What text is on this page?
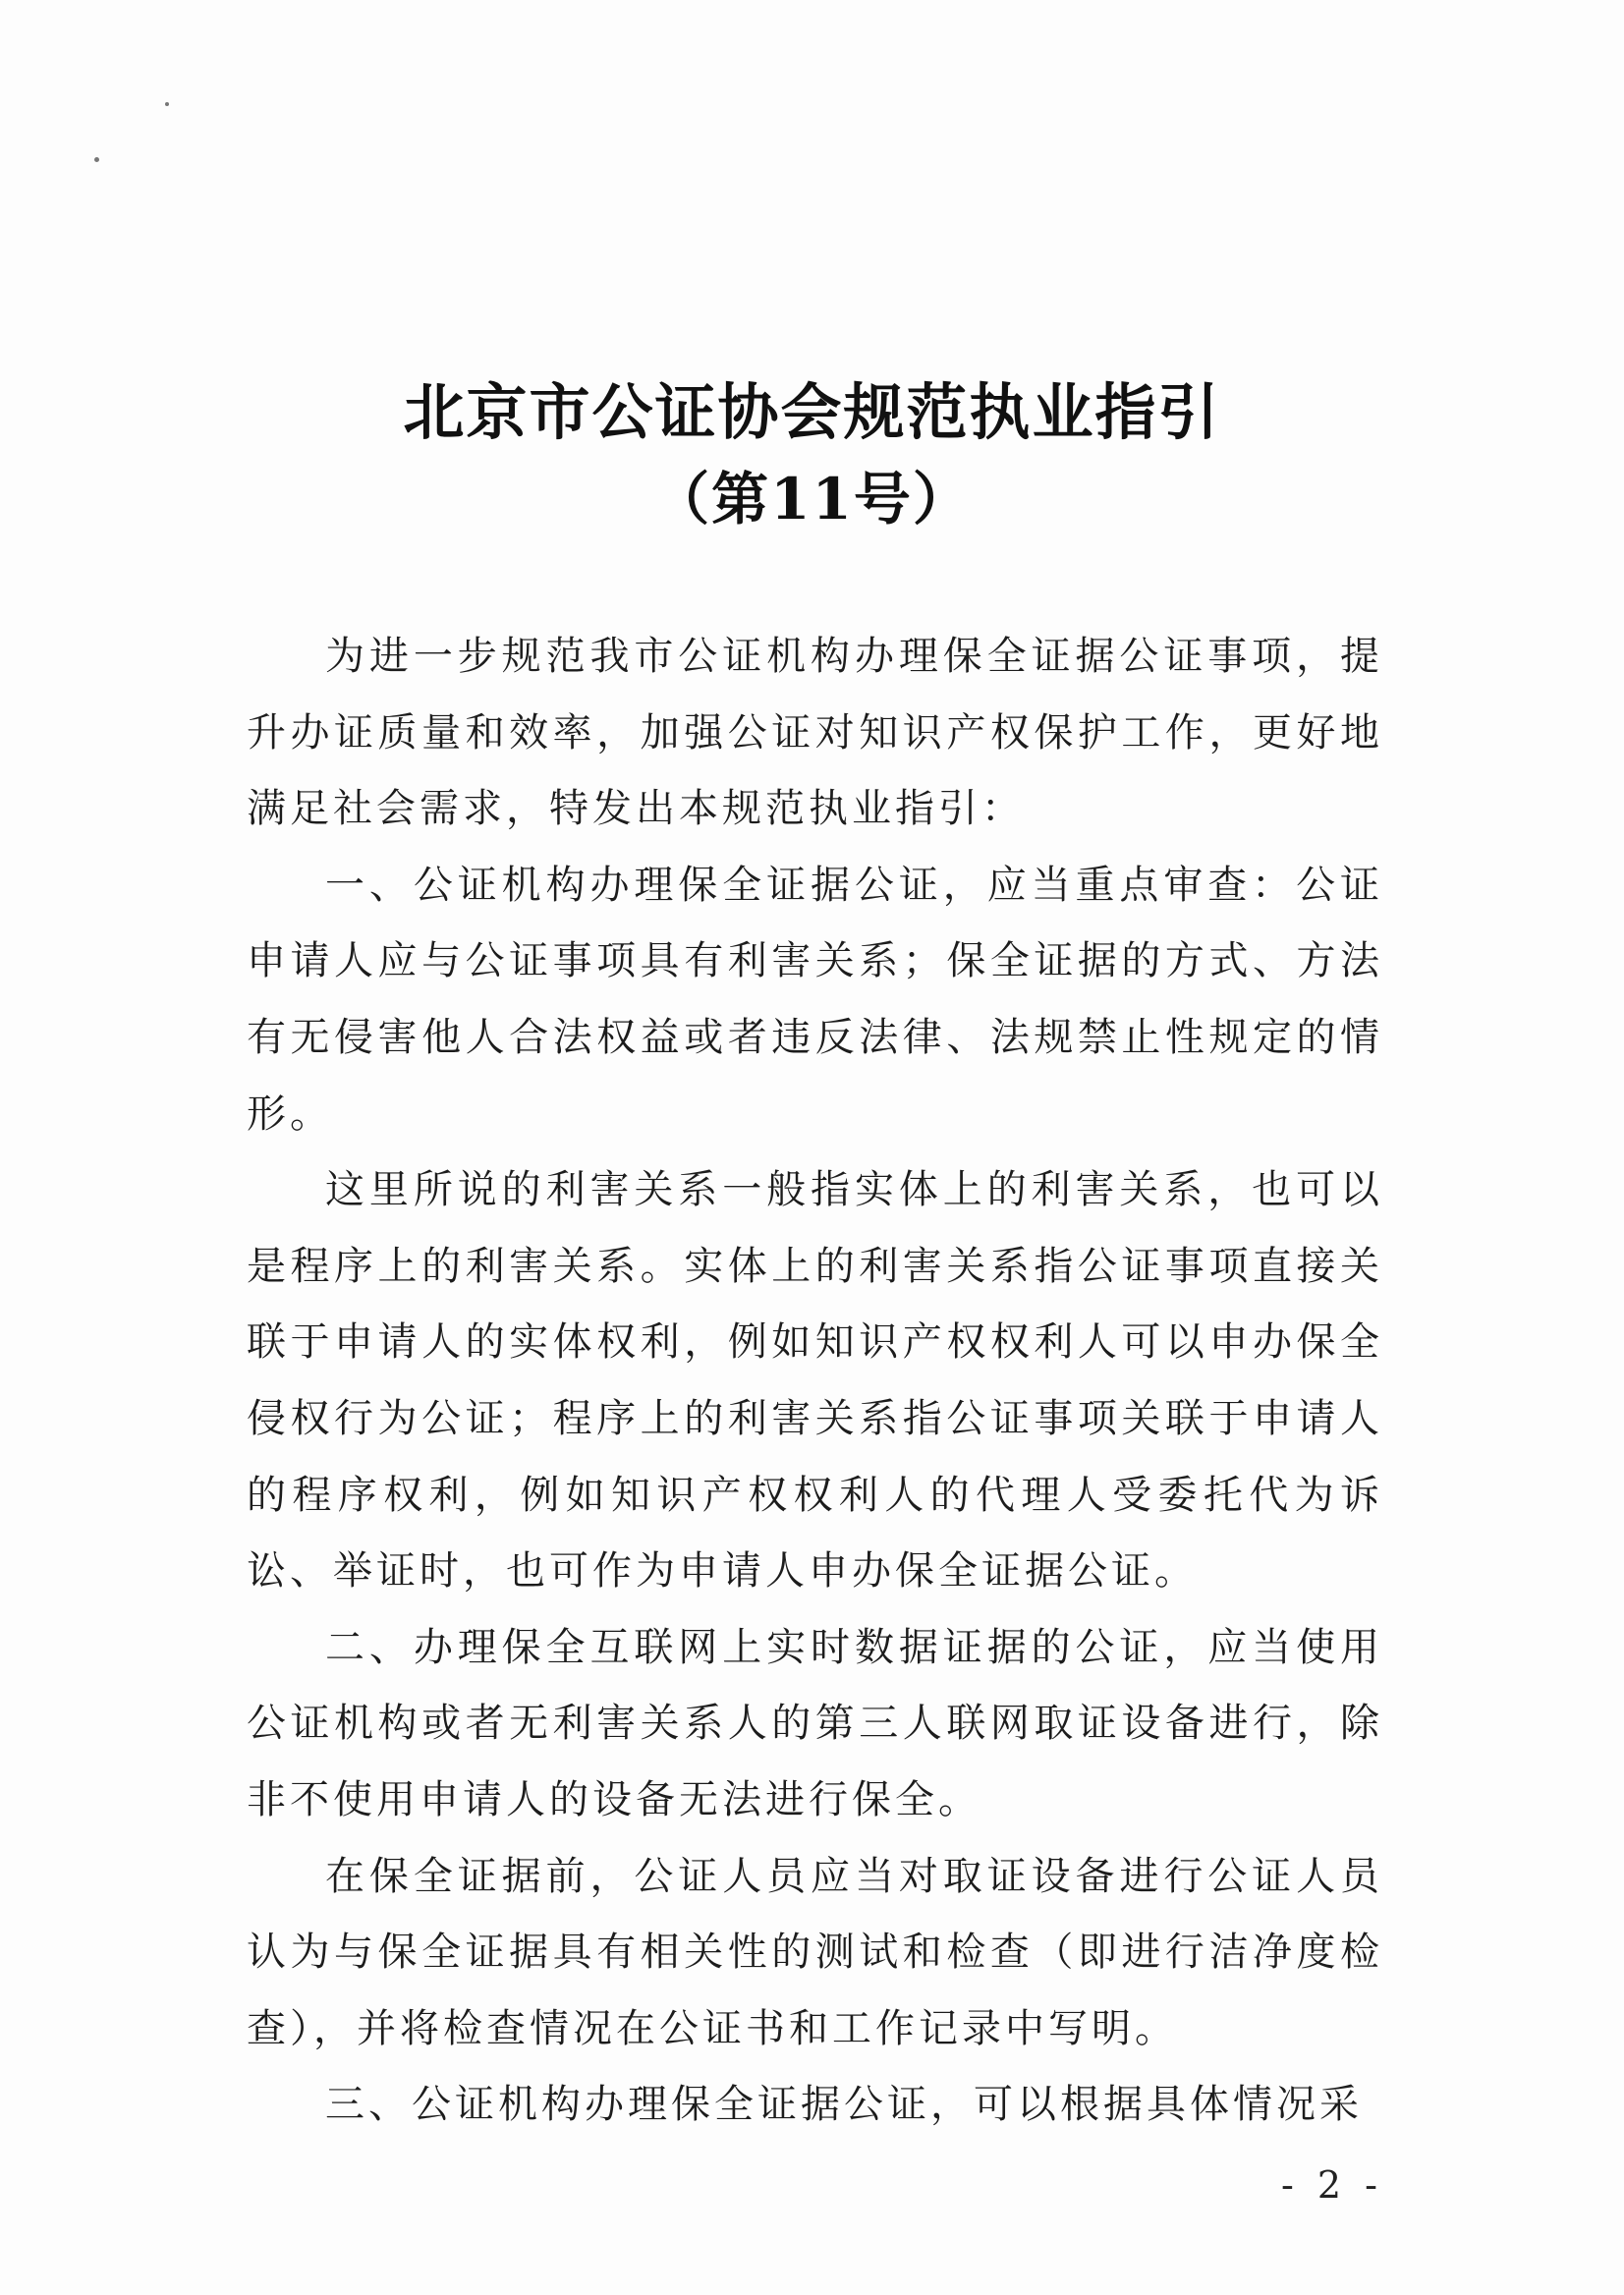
北京市公证协会规范执业指引
（第11号）

为进一步规范我市公证机构办理保全证据公证事项，提升办证质量和效率，加强公证对知识产权保护工作，更好地满足社会需求，特发出本规范执业指引：

一、公证机构办理保全证据公证，应当重点审查：公证申请人应与公证事项具有利害关系；保全证据的方式、方法有无侵害他人合法权益或者违反法律、法规禁止性规定的情形。

这里所说的利害关系一般指实体上的利害关系，也可以是程序上的利害关系。实体上的利害关系指公证事项直接关联于申请人的实体权利，例如知识产权权利人可以申办保全侵权行为公证；程序上的利害关系指公证事项关联于申请人的程序权利，例如知识产权权利人的代理人受委托代为诉讼、举证时，也可作为申请人申办保全证据公证。

二、办理保全互联网上实时数据证据的公证，应当使用公证机构或者无利害关系人的第三人联网取证设备进行，除非不使用申请人的设备无法进行保全。

在保全证据前，公证人员应当对取证设备进行公证人员认为与保全证据具有相关性的测试和检查（即进行洁净度检查），并将检查情况在公证书和工作记录中写明。

三、公证机构办理保全证据公证，可以根据具体情况采

- 2 -
